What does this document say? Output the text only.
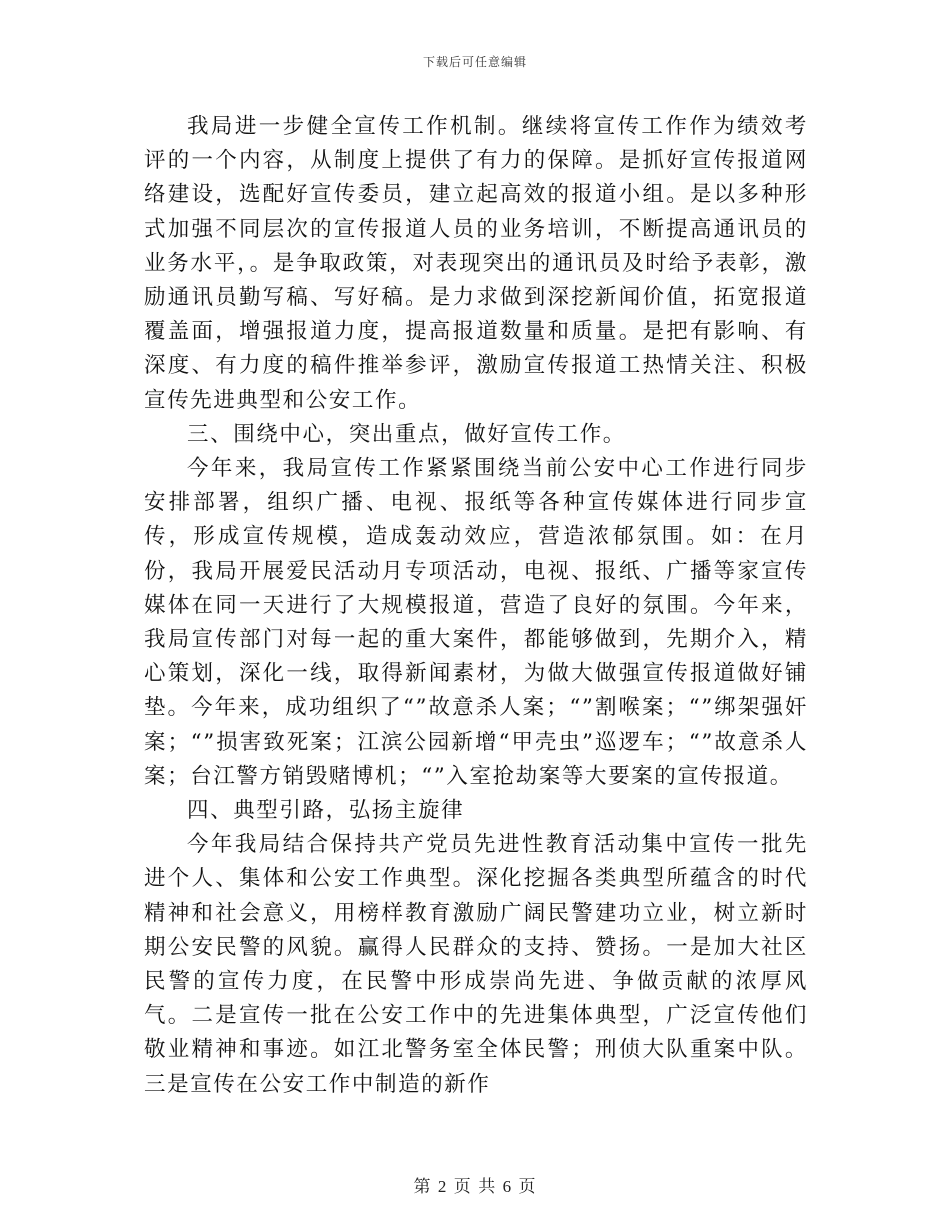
下载后可任意编辑

我局进一步健全宣传工作机制。继续将宣传工作作为绩效考评的一个内容，从制度上提供了有力的保障。是抓好宣传报道网络建设，选配好宣传委员，建立起高效的报道小组。是以多种形式加强不同层次的宣传报道人员的业务培训，不断提高通讯员的业务水平，。是争取政策，对表现突出的通讯员及时给予表彰，激励通讯员勤写稿、写好稿。是力求做到深挖新闻价值，拓宽报道覆盖面，增强报道力度，提高报道数量和质量。是把有影响、有深度、有力度的稿件推举参评，激励宣传报道工热情关注、积极宣传先进典型和公安工作。

三、围绕中心，突出重点，做好宣传工作。

今年来，我局宣传工作紧紧围绕当前公安中心工作进行同步安排部署，组织广播、电视、报纸等各种宣传媒体进行同步宣传，形成宣传规模，造成轰动效应，营造浓郁氛围。如：在月份，我局开展爱民活动月专项活动，电视、报纸、广播等家宣传媒体在同一天进行了大规模报道，营造了良好的氛围。今年来，我局宣传部门对每一起的重大案件，都能够做到，先期介入，精心策划，深化一线，取得新闻素材，为做大做强宣传报道做好铺垫。今年来，成功组织了“”故意杀人案；“”割喉案；“”绑架强奸案；“”损害致死案；江滨公园新增“甲壳虫”巡逻车；“”故意杀人案；台江警方销毁赌博机；“”入室抢劫案等大要案的宣传报道。

四、典型引路，弘扬主旋律

今年我局结合保持共产党员先进性教育活动集中宣传一批先进个人、集体和公安工作典型。深化挖掘各类典型所蕴含的时代精神和社会意义，用榜样教育激励广阔民警建功立业，树立新时期公安民警的风貌。赢得人民群众的支持、赞扬。一是加大社区民警的宣传力度，在民警中形成崇尚先进、争做贡献的浓厚风气。二是宣传一批在公安工作中的先进集体典型，广泛宣传他们敬业精神和事迹。如江北警务室全体民警；刑侦大队重案中队。三是宣传在公安工作中制造的新作

第 2 页 共 6 页
